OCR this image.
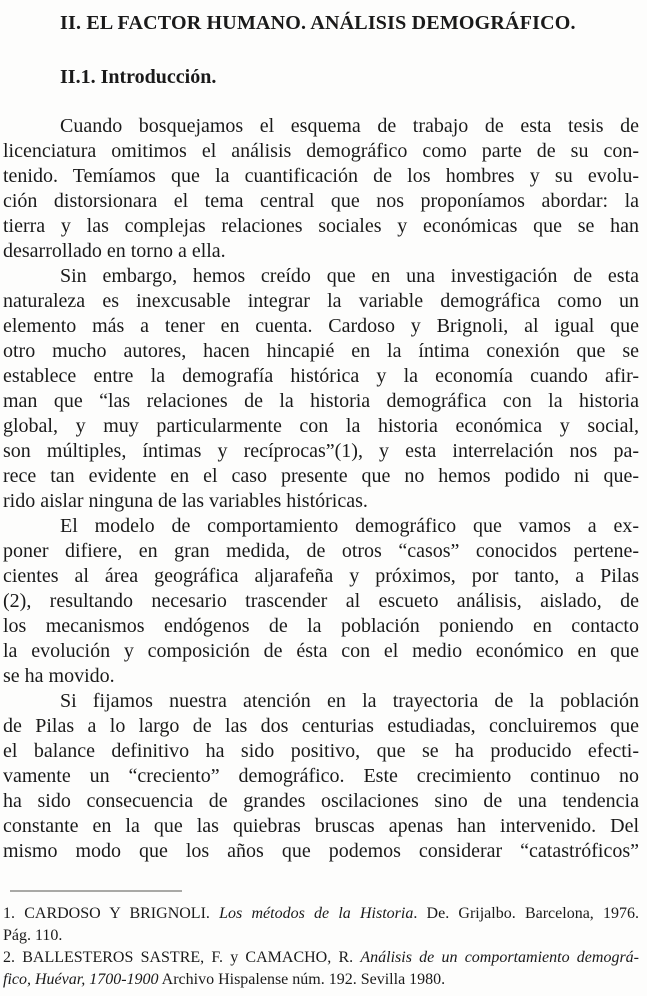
II. EL FACTOR HUMANO. ANÁLISIS DEMOGRÁFICO.
II.1. Introducción.
Cuando bosquejamos el esquema de trabajo de esta tesis de
licenciatura omitimos el análisis demográfico como parte de su con-
tenido. Temíamos que la cuantificación de los hombres y su evolu-
ción distorsionara el tema central que nos proponíamos abordar: la
tierra y las complejas relaciones sociales y económicas que se han
desarrollado en torno a ella.
Sin embargo, hemos creído que en una investigación de esta
naturaleza es inexcusable integrar la variable demográfica como un
elemento más a tener en cuenta. Cardoso y Brignoli, al igual que
otro mucho autores, hacen hincapié en la íntima conexión que se
establece entre la demografía histórica y la economía cuando afir-
man que “las relaciones de la historia demográfica con la historia
global, y muy particularmente con la historia económica y social,
son múltiples, íntimas y recíprocas”(1), y esta interrelación nos pa-
rece tan evidente en el caso presente que no hemos podido ni que-
rido aislar ninguna de las variables históricas.
El modelo de comportamiento demográfico que vamos a ex-
poner difiere, en gran medida, de otros “casos” conocidos pertene-
cientes al área geográfica aljarafeña y próximos, por tanto, a Pilas
(2), resultando necesario trascender al escueto análisis, aislado, de
los mecanismos endógenos de la población poniendo en contacto
la evolución y composición de ésta con el medio económico en que
se ha movido.
Si fijamos nuestra atención en la trayectoria de la población
de Pilas a lo largo de las dos centurias estudiadas, concluiremos que
el balance definitivo ha sido positivo, que se ha producido efecti-
vamente un “creciento” demográfico. Este crecimiento continuo no
ha sido consecuencia de grandes oscilaciones sino de una tendencia
constante en la que las quiebras bruscas apenas han intervenido. Del
mismo modo que los años que podemos considerar “catastróficos”
1. CARDOSO Y BRIGNOLI. Los métodos de la Historia. De. Grijalbo. Barcelona, 1976.
Pág. 110.
2. BALLESTEROS SASTRE, F. y CAMACHO, R. Análisis de un comportamiento demográ-
fico, Huévar, 1700-1900 Archivo Hispalense núm. 192. Sevilla 1980.
